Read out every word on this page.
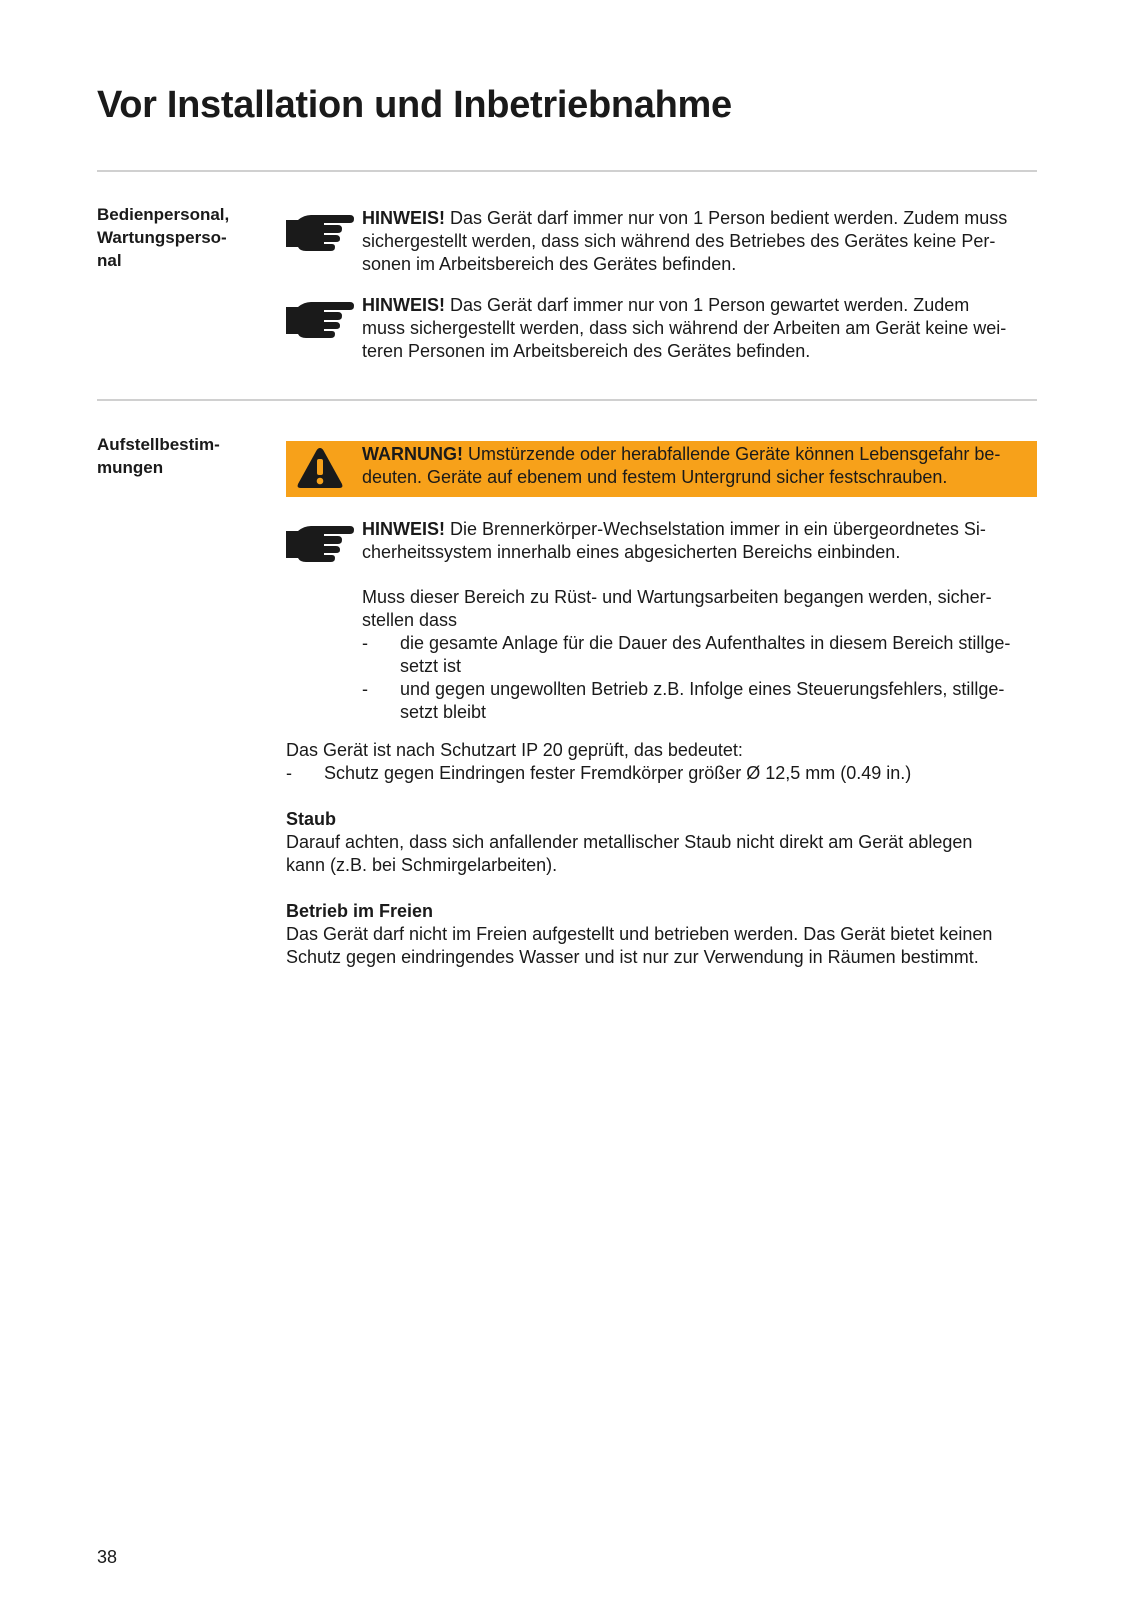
Vor Installation und Inbetriebnahme
Bedienpersonal,
Wartungsperso-
nal
HINWEIS! Das Gerät darf immer nur von 1 Person bedient werden. Zudem muss
sichergestellt werden, dass sich während des Betriebes des Gerätes keine Per-
sonen im Arbeitsbereich des Gerätes befinden.
HINWEIS! Das Gerät darf immer nur von 1 Person gewartet werden. Zudem
muss sichergestellt werden, dass sich während der Arbeiten am Gerät keine wei-
teren Personen im Arbeitsbereich des Gerätes befinden.
Aufstellbestim-
mungen
WARNUNG! Umstürzende oder herabfallende Geräte können Lebensgefahr be-
deuten. Geräte auf ebenem und festem Untergrund sicher festschrauben.
HINWEIS! Die Brennerkörper-Wechselstation immer in ein übergeordnetes Si-
cherheitssystem innerhalb eines abgesicherten Bereichs einbinden.
Muss dieser Bereich zu Rüst- und Wartungsarbeiten begangen werden, sicher-
stellen dass
- die gesamte Anlage für die Dauer des Aufenthaltes in diesem Bereich stillge-
setzt ist
- und gegen ungewollten Betrieb z.B. Infolge eines Steuerungsfehlers, stillge-
setzt bleibt
Das Gerät ist nach Schutzart IP 20 geprüft, das bedeutet:
- Schutz gegen Eindringen fester Fremdkörper größer Ø 12,5 mm (0.49 in.)
Staub
Darauf achten, dass sich anfallender metallischer Staub nicht direkt am Gerät ablegen
kann (z.B. bei Schmirgelarbeiten).
Betrieb im Freien
Das Gerät darf nicht im Freien aufgestellt und betrieben werden. Das Gerät bietet keinen
Schutz gegen eindringendes Wasser und ist nur zur Verwendung in Räumen bestimmt.
38
